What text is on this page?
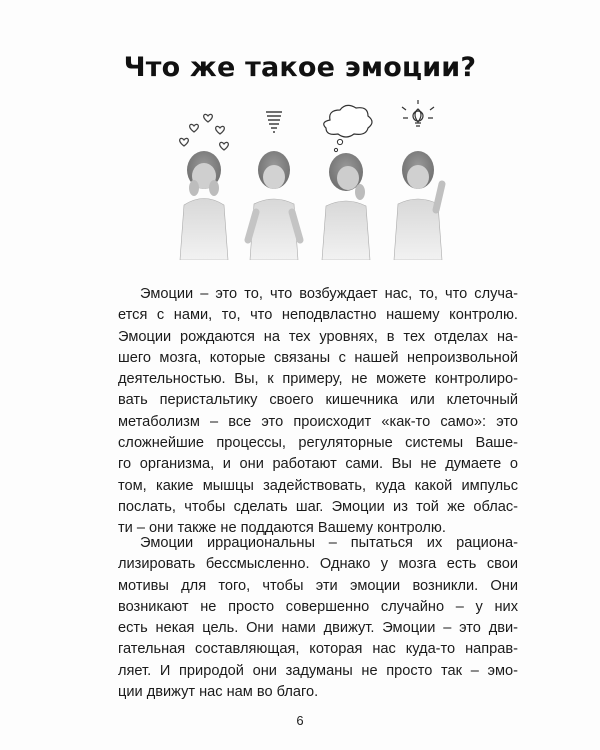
Что же такое эмоции?
Эмоции – это то, что возбуждает нас, то, что случа-
ется с нами, то, что неподвластно нашему контролю.
Эмоции рождаются на тех уровнях, в тех отделах на-
шего мозга, которые связаны с нашей непроизвольной
деятельностью. Вы, к примеру, не можете контролиро-
вать перистальтику своего кишечника или клеточный
метаболизм – все это происходит «как-то само»: это
сложнейшие процессы, регуляторные системы Ваше-
го организма, и они работают сами. Вы не думаете о
том, какие мышцы задействовать, куда какой импульс
послать, чтобы сделать шаг. Эмоции из той же облас-
ти – они также не поддаются Вашему контролю.
Эмоции иррациональны – пытаться их рациона-
лизировать бессмысленно. Однако у мозга есть свои
мотивы для того, чтобы эти эмоции возникли. Они
возникают не просто совершенно случайно – у них
есть некая цель. Они нами движут. Эмоции – это дви-
гательная составляющая, которая нас куда-то направ-
ляет. И природой они задуманы не просто так – эмо-
ции движут нас нам во благо.
6
